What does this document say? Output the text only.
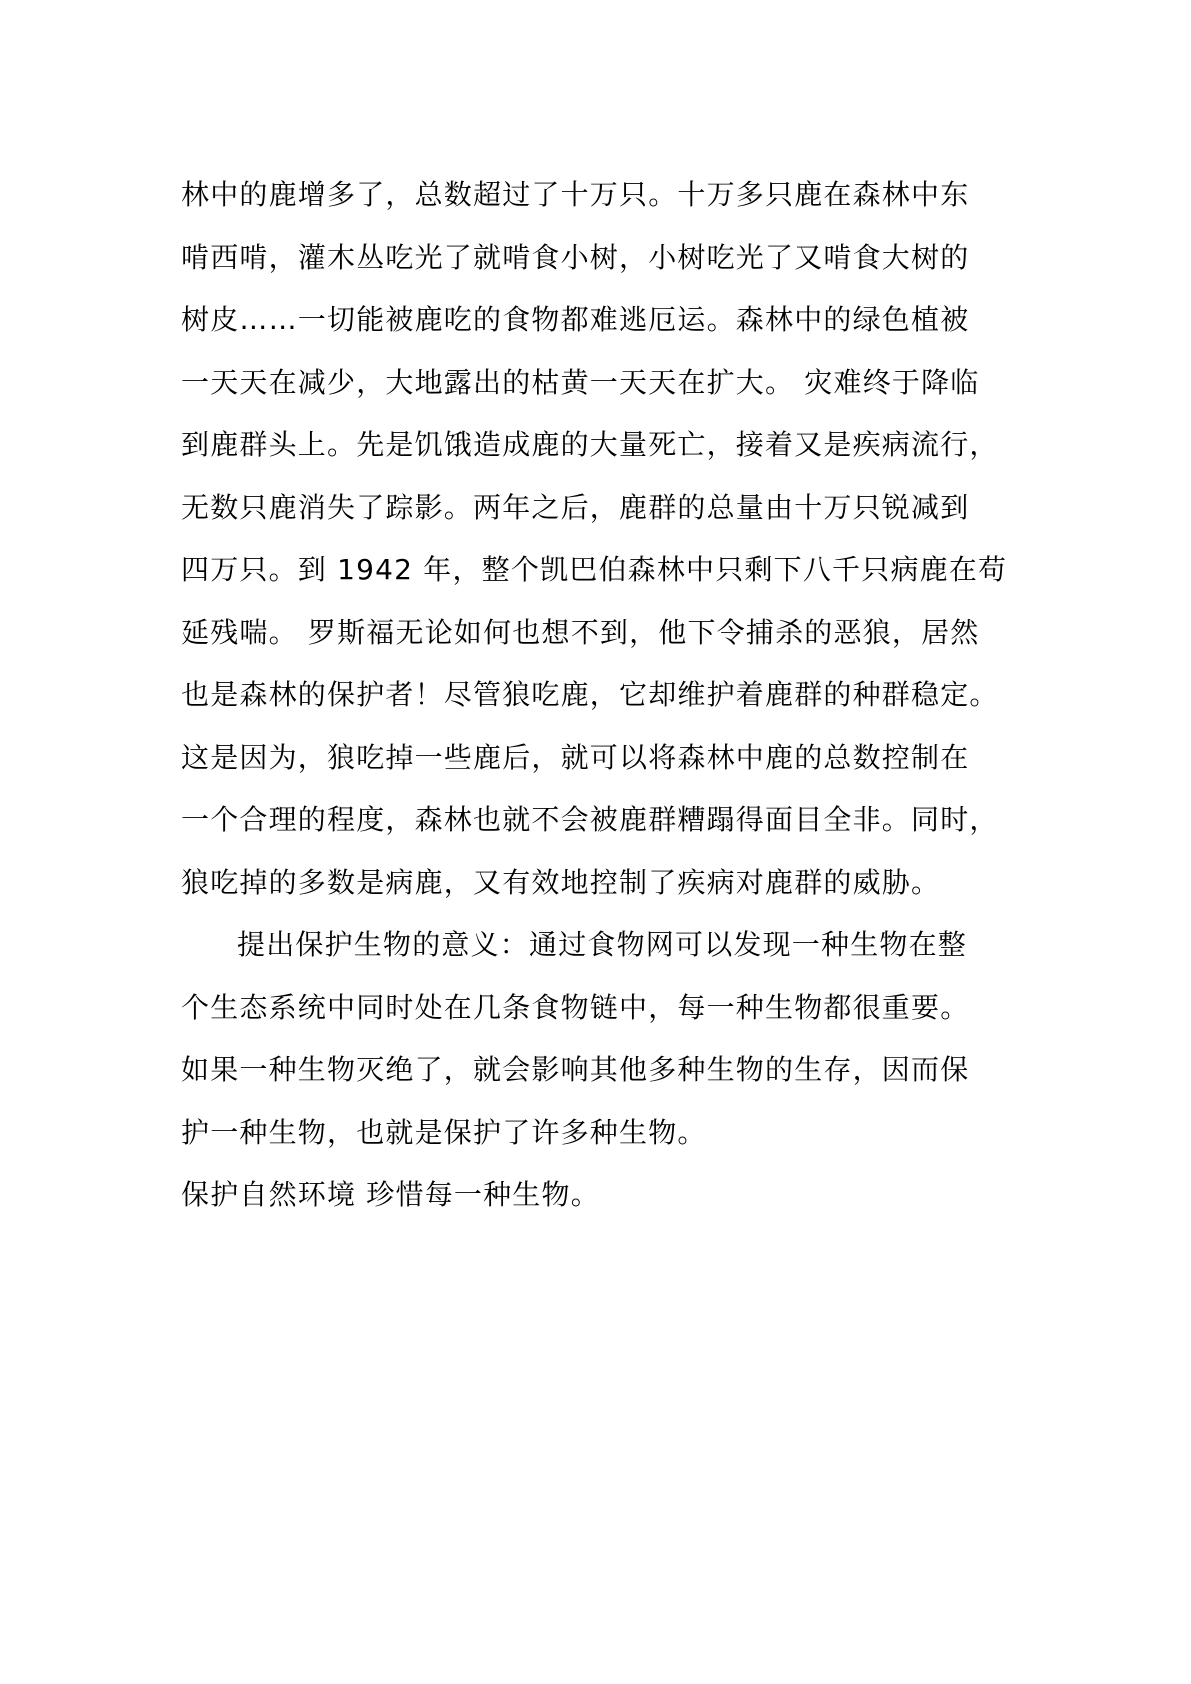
林中的鹿增多了，总数超过了十万只。十万多只鹿在森林中东
啃西啃，灌木丛吃光了就啃食小树，小树吃光了又啃食大树的
树皮……一切能被鹿吃的食物都难逃厄运。森林中的绿色植被
一天天在减少，大地露出的枯黄一天天在扩大。 灾难终于降临
到鹿群头上。先是饥饿造成鹿的大量死亡，接着又是疾病流行，
无数只鹿消失了踪影。两年之后，鹿群的总量由十万只锐减到
四万只。到 1942 年，整个凯巴伯森林中只剩下八千只病鹿在苟
延残喘。 罗斯福无论如何也想不到，他下令捕杀的恶狼，居然
也是森林的保护者！尽管狼吃鹿，它却维护着鹿群的种群稳定。
这是因为，狼吃掉一些鹿后，就可以将森林中鹿的总数控制在
一个合理的程度，森林也就不会被鹿群糟蹋得面目全非。同时，
狼吃掉的多数是病鹿，又有效地控制了疾病对鹿群的威胁。
提出保护生物的意义：通过食物网可以发现一种生物在整
个生态系统中同时处在几条食物链中，每一种生物都很重要。
如果一种生物灭绝了，就会影响其他多种生物的生存，因而保
护一种生物，也就是保护了许多种生物。
保护自然环境 珍惜每一种生物。
